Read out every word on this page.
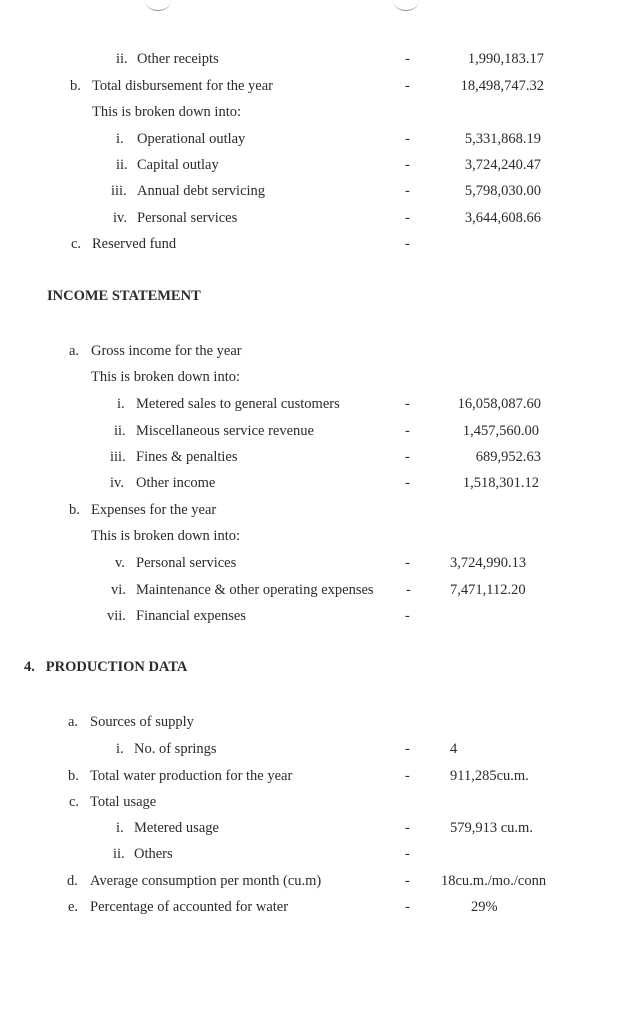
ii. Other receipts	-	1,990,183.17
b. Total disbursement for the year	-	18,498,747.32
This is broken down into:
i. Operational outlay	-	5,331,868.19
ii. Capital outlay	-	3,724,240.47
iii. Annual debt servicing	-	5,798,030.00
iv. Personal services	-	3,644,608.66
c. Reserved fund	-
INCOME STATEMENT
a. Gross income for the year
This is broken down into:
i. Metered sales to general customers	-	16,058,087.60
ii. Miscellaneous service revenue	-	1,457,560.00
iii. Fines & penalties	-	689,952.63
iv. Other income	-	1,518,301.12
b. Expenses for the year
This is broken down into:
v. Personal services	-	3,724,990.13
vi. Maintenance & other operating expenses -	7,471,112.20
vii. Financial expenses	-
4.   PRODUCTION DATA
a. Sources of supply
i. No. of springs	-	4
b. Total water production for the year	-	911,285cu.m.
c. Total usage
i. Metered usage	-	579,913 cu.m.
ii. Others	-
d. Average consumption per month (cu.m)	- 18cu.m./mo./conn
e. Percentage of accounted for water	-	29%
